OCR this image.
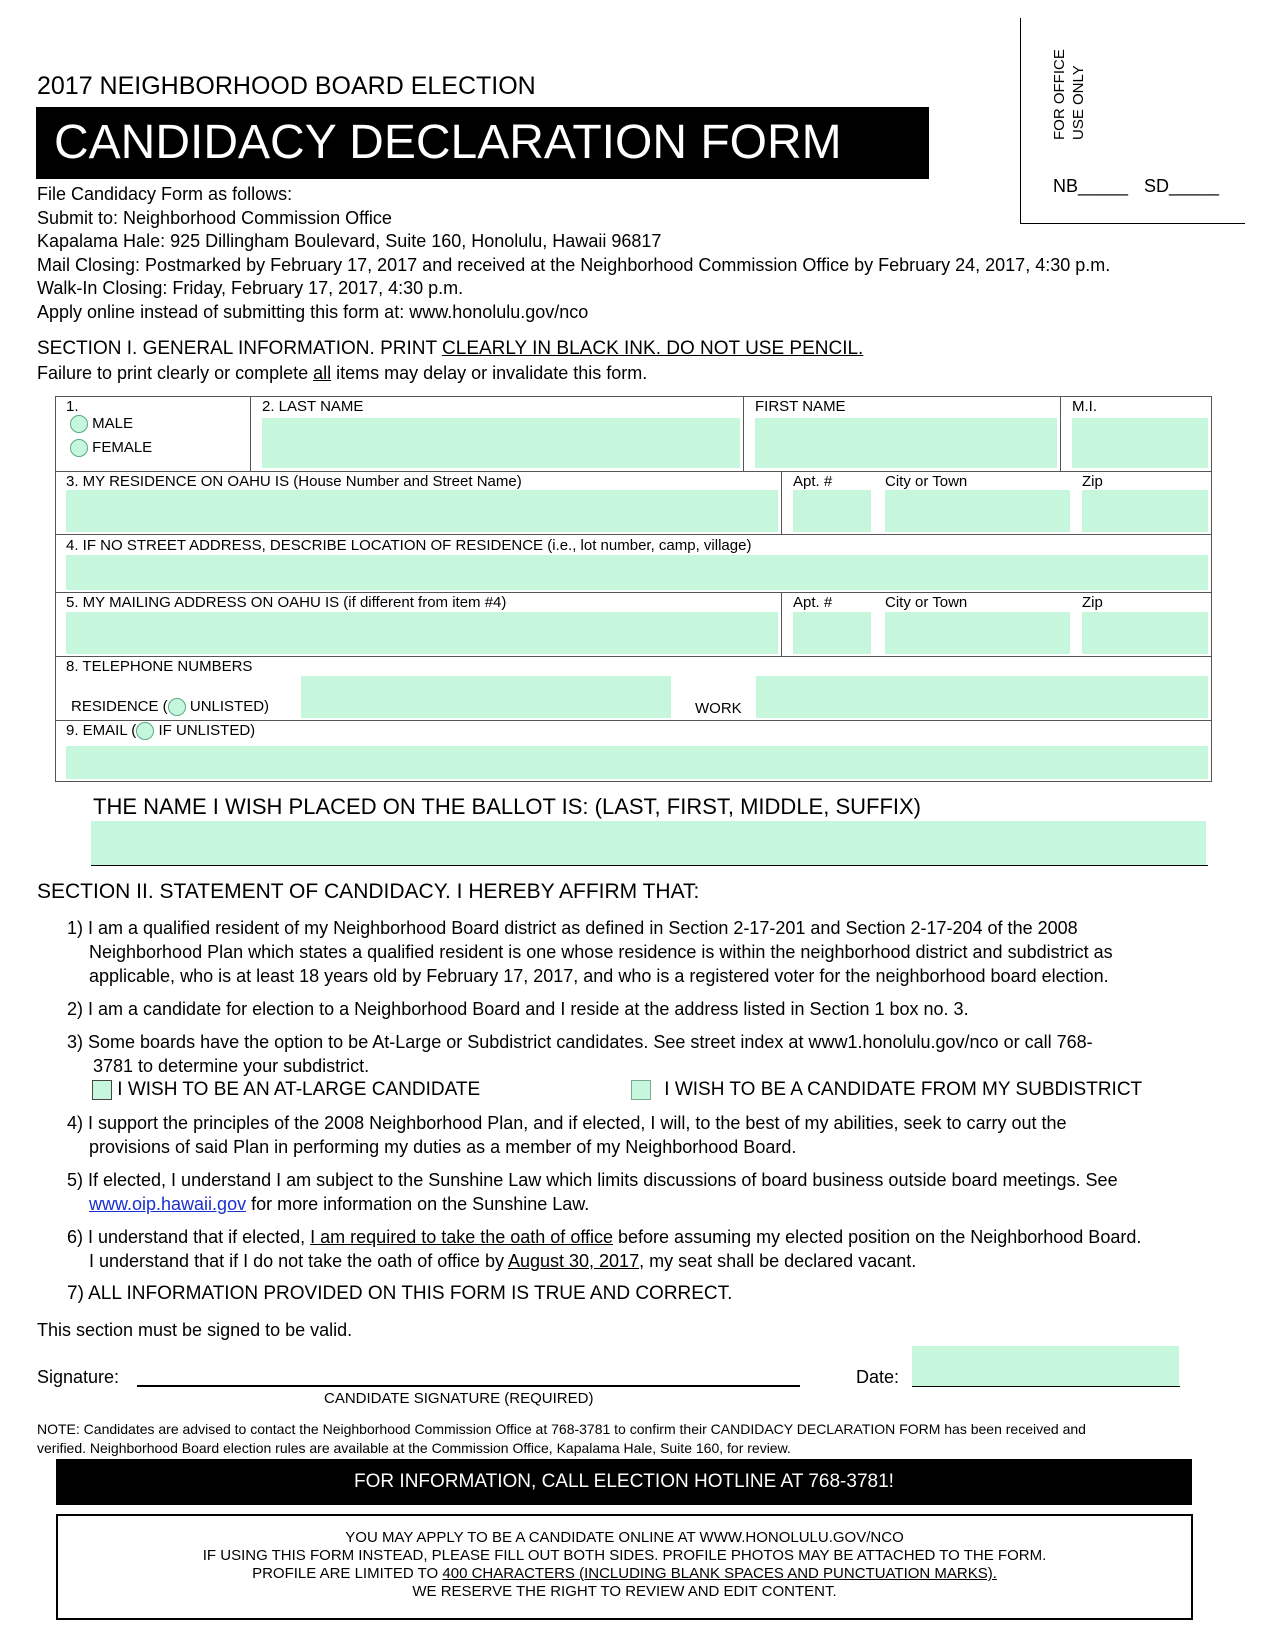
FOR OFFICE USE ONLY
NB_____ SD_____
2017 NEIGHBORHOOD BOARD ELECTION
CANDIDACY DECLARATION FORM
File Candidacy Form as follows:
Submit to: Neighborhood Commission Office
Kapalama Hale: 925 Dillingham Boulevard, Suite 160, Honolulu, Hawaii 96817
Mail Closing: Postmarked by February 17, 2017 and received at the Neighborhood Commission Office by February 24, 2017, 4:30 p.m.
Walk-In Closing: Friday, February 17, 2017, 4:30 p.m.
Apply online instead of submitting this form at: www.honolulu.gov/nco
SECTION I. GENERAL INFORMATION. PRINT CLEARLY IN BLACK INK. DO NOT USE PENCIL.
Failure to print clearly or complete all items may delay or invalidate this form.
1.
MALE
FEMALE
2. LAST NAME	FIRST NAME	M.I.
3. MY RESIDENCE ON OAHU IS (House Number and Street Name)	Apt. #	City or Town	Zip
4. IF NO STREET ADDRESS, DESCRIBE LOCATION OF RESIDENCE (i.e., lot number, camp, village)
5. MY MAILING ADDRESS ON OAHU IS (if different from item #4)	Apt. #	City or Town	Zip
8. TELEPHONE NUMBERS
RESIDENCE ( UNLISTED)	WORK
9. EMAIL ( IF UNLISTED)
THE NAME I WISH PLACED ON THE BALLOT IS: (LAST, FIRST, MIDDLE, SUFFIX)
SECTION II. STATEMENT OF CANDIDACY. I HEREBY AFFIRM THAT:
1) I am a qualified resident of my Neighborhood Board district as defined in Section 2-17-201 and Section 2-17-204 of the 2008
Neighborhood Plan which states a qualified resident is one whose residence is within the neighborhood district and subdistrict as
applicable, who is at least 18 years old by February 17, 2017, and who is a registered voter for the neighborhood board election.
2) I am a candidate for election to a Neighborhood Board and I reside at the address listed in Section 1 box no. 3.
3) Some boards have the option to be At-Large or Subdistrict candidates. See street index at www1.honolulu.gov/nco or call 768-
3781 to determine your subdistrict.
I WISH TO BE AN AT-LARGE CANDIDATE	I WISH TO BE A CANDIDATE FROM MY SUBDISTRICT
4) I support the principles of the 2008 Neighborhood Plan, and if elected, I will, to the best of my abilities, seek to carry out the
provisions of said Plan in performing my duties as a member of my Neighborhood Board.
5) If elected, I understand I am subject to the Sunshine Law which limits discussions of board business outside board meetings. See
www.oip.hawaii.gov for more information on the Sunshine Law.
6) I understand that if elected, I am required to take the oath of office before assuming my elected position on the Neighborhood Board.
I understand that if I do not take the oath of office by August 30, 2017, my seat shall be declared vacant.
7) ALL INFORMATION PROVIDED ON THIS FORM IS TRUE AND CORRECT.
This section must be signed to be valid.
Signature:
CANDIDATE SIGNATURE (REQUIRED)
Date:
NOTE: Candidates are advised to contact the Neighborhood Commission Office at 768-3781 to confirm their CANDIDACY DECLARATION FORM has been received and
verified. Neighborhood Board election rules are available at the Commission Office, Kapalama Hale, Suite 160, for review.
FOR INFORMATION, CALL ELECTION HOTLINE AT 768-3781!
YOU MAY APPLY TO BE A CANDIDATE ONLINE AT WWW.HONOLULU.GOV/NCO
IF USING THIS FORM INSTEAD, PLEASE FILL OUT BOTH SIDES. PROFILE PHOTOS MAY BE ATTACHED TO THE FORM.
PROFILE ARE LIMITED TO 400 CHARACTERS (INCLUDING BLANK SPACES AND PUNCTUATION MARKS).
WE RESERVE THE RIGHT TO REVIEW AND EDIT CONTENT.
